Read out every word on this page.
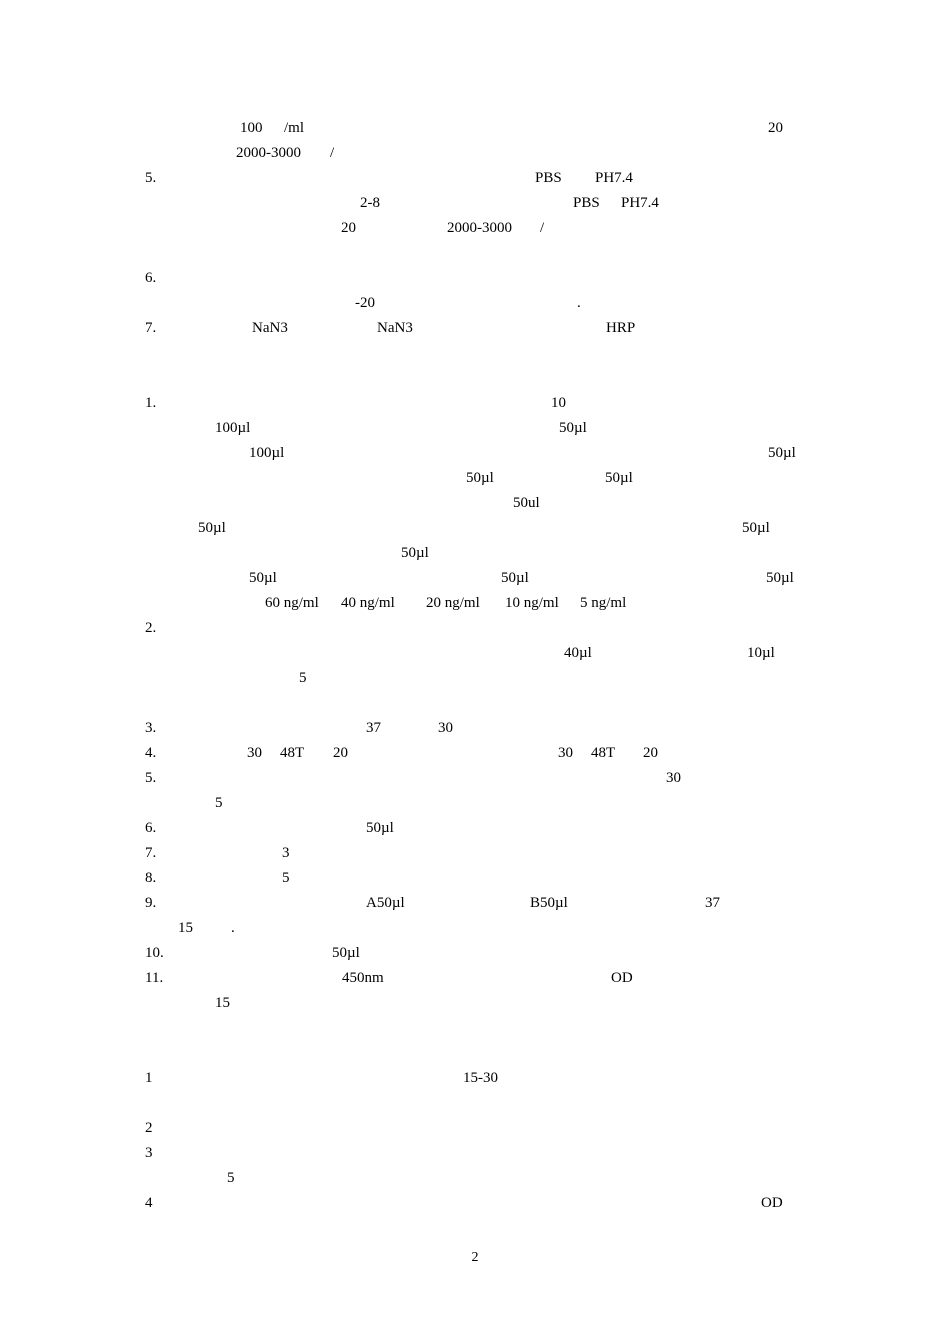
100 /ml	20
2000-3000 /
5.	PBS PH7.4
2-8	PBS PH7.4
20	2000-3000 /
6.
-20	.
7.	NaN3	NaN3	HRP
1.	10
100µl	50µl
100µl	50µl
50µl	50µl
50ul
50µl	50µl
50µl
50µl	50µl	50µl
60 ng/ml 40 ng/ml 20 ng/ml 10 ng/ml 5 ng/ml
2.
40µl	10µl
5
3.	37	30
4.	30 48T 20	30 48T 20
5.	30
5
6.	50µl
7.	3
8.	5
9.	A50µl	B50µl	37
15	.
10.	50µl
11.	450nm	OD
15
1	15-30
2
3
5
4	OD
2
